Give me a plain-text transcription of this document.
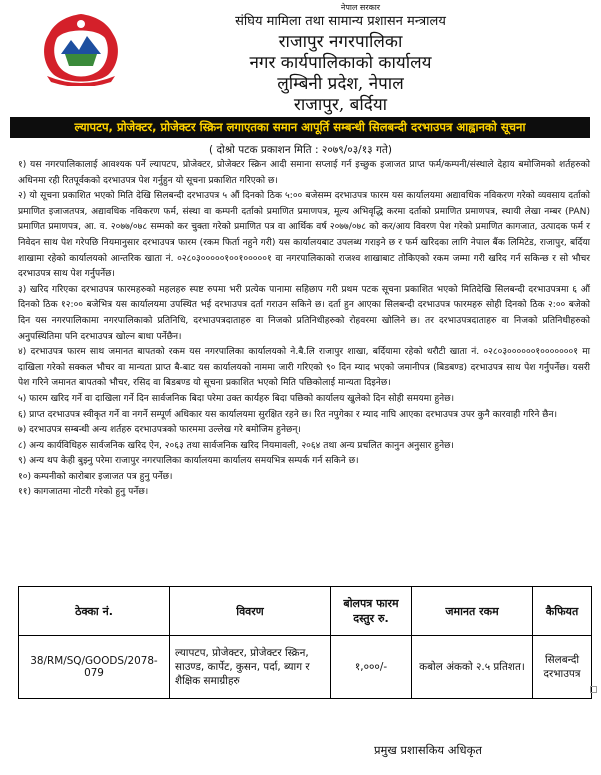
नेपाल सरकार
संघिय मामिला तथा सामान्य प्रशासन मन्त्रालय
राजापुर नगरपालिका
नगर कार्यपालिकाको कार्यालय
लुम्बिनी प्रदेश, नेपाल
राजापुर, बर्दिया
ल्यापटप, प्रोजेक्टर, प्रोजेक्टर स्क्रिन लगाएतका समान आपूर्ति सम्बन्धी सिलबन्दी दरभाउपत्र आह्वानको सूचना
( दोश्रो पटक प्रकाशन मिति : २०७९/०३/१३ गते)

१) यस नगरपालिकालाई आवश्यक पर्ने ल्यापटप, प्रोजेक्टर, प्रोजेक्टर स्क्रिन आदी समाना सप्लाई गर्न इच्छुक इजाजत प्राप्त फर्म/कम्पनी/संस्थाले देहाय बमोजिमको शर्तहरुको अधिनमा रही रितपूर्वकको दरभाउपत्र पेश गर्नुहुन यो सूचना प्रकाशित गरिएको छ।

२) यो सूचना प्रकाशित भएको मिति देखि सिलबन्दी दरभाउपत्र ५ औं दिनको ठिक ५:०० बजेसम्म दरभाउपत्र फारम यस कार्यालयमा अद्यावधिक नविकरण गरेको व्यवसाय दर्ताको प्रमाणित इजाजतपत्र, अद्यावधिक नविकरण फर्म, संस्था वा कम्पनी दर्ताको प्रमाणित प्रमाणपत्र, मूल्य अभिवृद्धि करमा दर्ताको प्रमाणित प्रमाणपत्र, स्थायी लेखा नम्बर (PAN) प्रमाणित प्रमाणपत्र, आ. व. २०७७/०७८ सम्मको कर चुक्ता गरेको प्रमाणित पत्र वा आर्थिक वर्ष २०७७/०७८ को कर/आय विवरण पेश गरेको प्रमाणित कागजात, उत्पादक फर्म र निवेदन साथ पेश गरेपछि नियमानुसार दरभाउपत्र फारम (रकम फिर्ता नहुने गरी) यस कार्यालयबाट उपलब्ध गराइने छ र फर्म खरिदका लागि नेपाल बैंक लिमिटेड, राजापुर, बर्दिया शाखामा रहेको कार्यालयको आन्तरिक खाता नं. ०२८०३०००००१००१०००००१ वा नगरपालिकाको राजश्व शाखाबाट तोकिएको रकम जम्मा गरी खरिद गर्न सकिन्छ र सो भौचर दरभाउपत्र साथ पेश गर्नुपर्नेछ।

३) खरिद गरिएका दरभाउपत्र फारमहरुको महलहरु स्पष्ट रुपमा भरी प्रत्येक पानामा सहिछाप गरी प्रथम पटक सूचना प्रकाशित भएको मितिदेखि सिलबन्दी दरभाउपत्रमा ६ औं दिनको ठिक १२:०० बजेभित्र यस कार्यालयमा उपस्थित भई दरभाउपत्र दर्ता गराउन सकिने छ। दर्ता हुन आएका सिलबन्दी दरभाउपत्र फारमहरु सोही दिनको ठिक २:०० बजेको दिन यस नगरपालिकामा नगरपालिकाको प्रतिनिधि, दरभाउपत्रदाताहरु वा निजको प्रतिनिधीहरुको रोहवरमा खोलिने छ। तर दरभाउपत्रदाताहरु वा निजको प्रतिनिधीहरुको अनुपस्थितिमा पनि दरभाउपत्र खोल्न बाधा पर्नेछैन।

४) दरभाउपत्र फारम साथ जमानत बापतको रकम यस नगरपालिका कार्यालयको ने.बै.लि राजापुर शाखा, बर्दियामा रहेको धरौटी खाता नं. ०२८०३००००००१०००००००१ मा दाखिला गरेको सक्कल भौचर वा मान्यता प्राप्त बै-बाट यस कार्यालयको नाममा जारी गरिएको ९० दिन म्याद भएको जमानीपत्र (बिडबण्ड) दरभाउपत्र साथ पेश गर्नुपर्नेछ। यसरी पेश गरिने जमानत बापतको भौचर, रसिद वा बिडबण्ड यो सूचना प्रकाशित भएको मिति पछिकोलाई मान्यता दिइनेछ।

५) फारम खरिद गर्ने वा दाखिला गर्ने दिन सार्वजनिक बिदा परेमा उक्त कार्यहरु बिदा पछिको कार्यालय खुलेको दिन सोही समयमा हुनेछ।

६) प्राप्त दरभाउपत्र स्वीकृत गर्ने वा नगर्ने सम्पूर्ण अधिकार यस कार्यालयमा सुरक्षित रहने छ। रित नपुगेका र म्याद नाघि आएका दरभाउपत्र उपर कुनै कारवाही गरिने छैन।

७) दरभाउपत्र सम्बन्धी अन्य शर्तहरु दरभाउपत्रको फारममा उल्लेख गरे बमोजिम हुनेछन्।

८) अन्य कार्यविधिहरु सार्वजनिक खरिद ऐन, २०६३ तथा सार्वजनिक खरिद नियमावली, २०६४ तथा अन्य प्रचलित कानुन अनुसार हुनेछ।

९) अन्य थप केही बुझ्नु परेमा राजापुर नगरपालिका कार्यालयमा कार्यालय समयभित्र सम्पर्क गर्न सकिने छ।

१०) कम्पनीको कारोबार इजाजत पत्र हुनु पर्नेछ।

११) कागजातमा नोटरी गरेको हुनु पर्नेछ।

ठेक्का नं.	विवरण	बोलपत्र फारम दस्तुर रु.	जमानत रकम	कैफियत
38/RM/SQ/GOODS/2078-079	ल्यापटप, प्रोजेक्टर, प्रोजेक्टर स्क्रिन, साउण्ड, कार्पेट, कुसन, पर्दा, ब्याग र शैक्षिक समाग्रीहरु	१,०००/-	कबोल अंकको २.५ प्रतिशत।	सिलबन्दी दरभाउपत्र
प्रमुख प्रशासकिय अधिकृत
